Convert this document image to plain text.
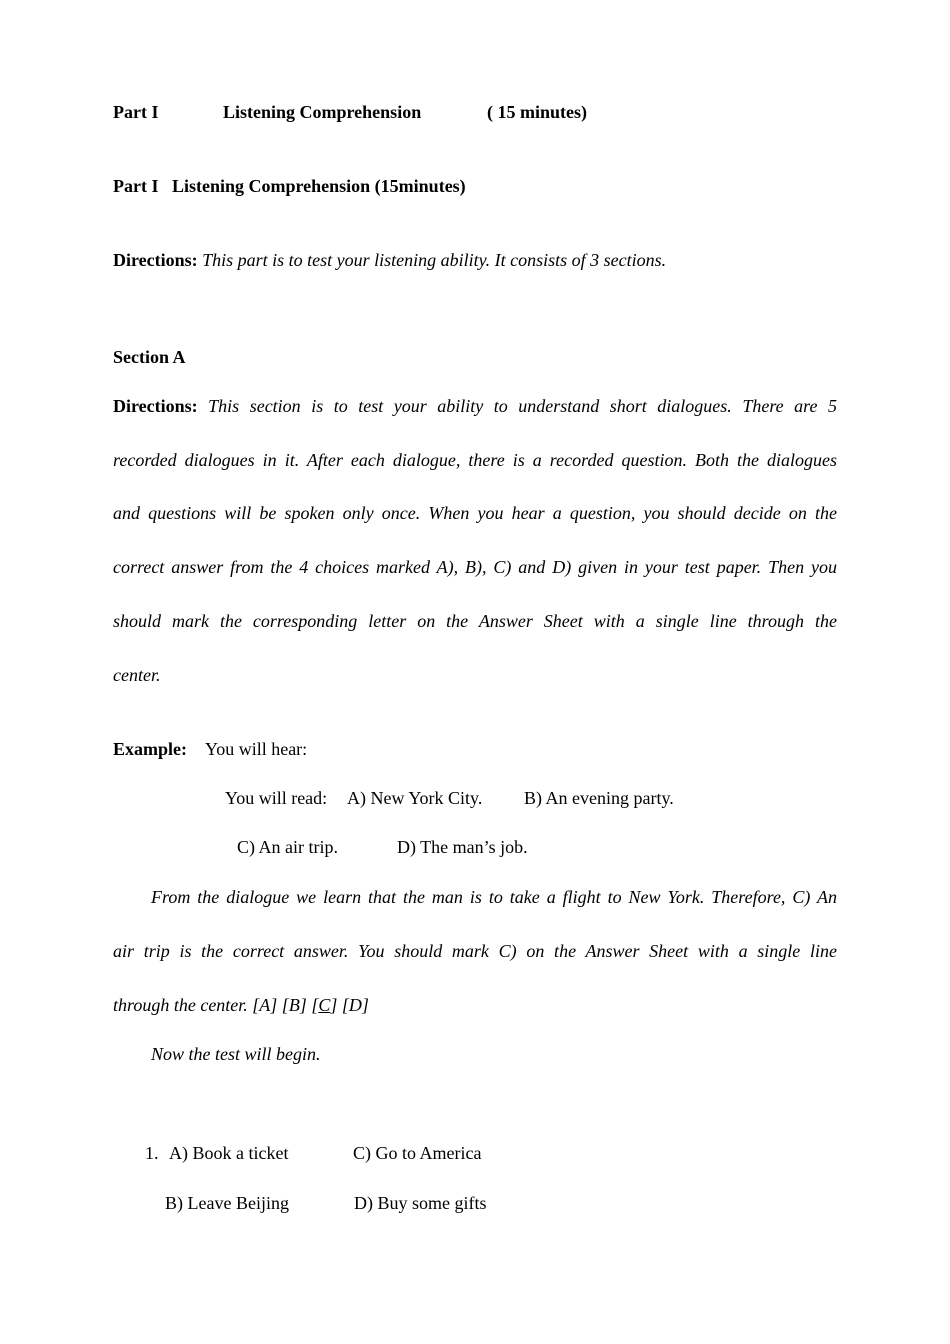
Part I	Listening Comprehension	( 15 minutes)
Part I   Listening Comprehension (15minutes)
Directions: This part is to test your listening ability. It consists of 3 sections.
Section A
Directions: This section is to test your ability to understand short dialogues. There are 5
recorded dialogues in it. After each dialogue, there is a recorded question. Both the dialogues
and questions will be spoken only once. When you hear a question, you should decide on the
correct answer from the 4 choices marked A), B), C) and D) given in your test paper. Then you
should mark the corresponding letter on the Answer Sheet with a single line through the
center.
Example: You will hear:
You will read: A) New York City. B) An evening party.
C) An air trip.	D) The man’s job.
From the dialogue we learn that the man is to take a flight to New York. Therefore, C) An
air trip is the correct answer. You should mark C) on the Answer Sheet with a single line
through the center. [A] [B] [C] [D]
Now the test will begin.
1. A) Book a ticket	C) Go to America
B) Leave Beijing	D) Buy some gifts
